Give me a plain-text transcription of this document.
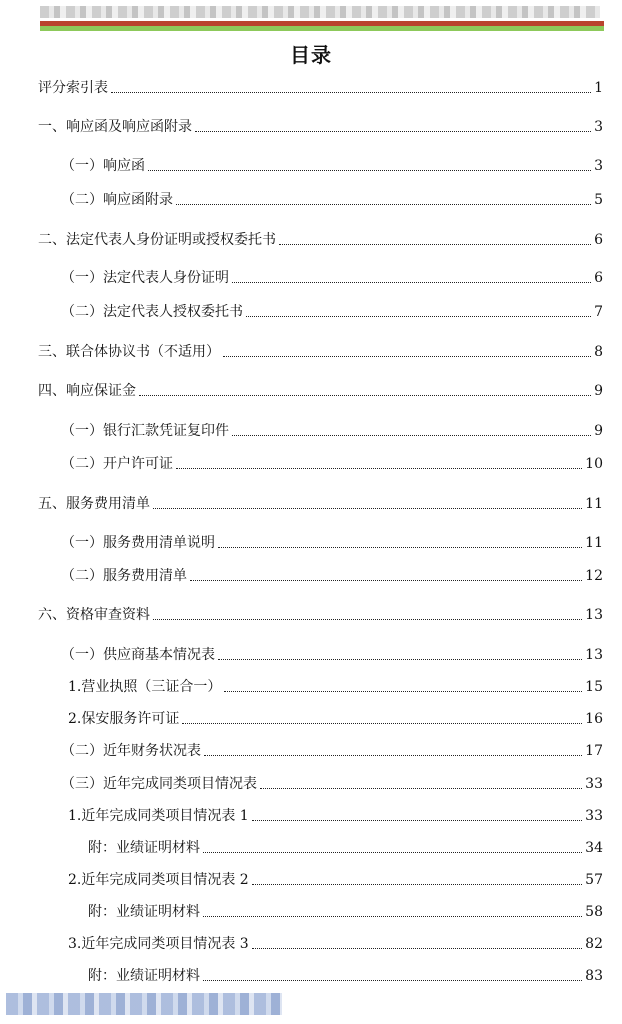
目录
评分索引表	1
一、响应函及响应函附录	3
（一）响应函	3
（二）响应函附录	5
二、法定代表人身份证明或授权委托书	6
（一）法定代表人身份证明	6
（二）法定代表人授权委托书	7
三、联合体协议书（不适用）	8
四、响应保证金	9
（一）银行汇款凭证复印件	9
（二）开户许可证	10
五、服务费用清单	11
（一）服务费用清单说明	11
（二）服务费用清单	12
六、资格审查资料	13
（一）供应商基本情况表	13
1.营业执照（三证合一）	15
2.保安服务许可证	16
（二）近年财务状况表	17
（三）近年完成同类项目情况表	33
1.近年完成同类项目情况表 1	33
附：业绩证明材料	34
2.近年完成同类项目情况表 2	57
附：业绩证明材料	58
3.近年完成同类项目情况表 3	82
附：业绩证明材料	83
